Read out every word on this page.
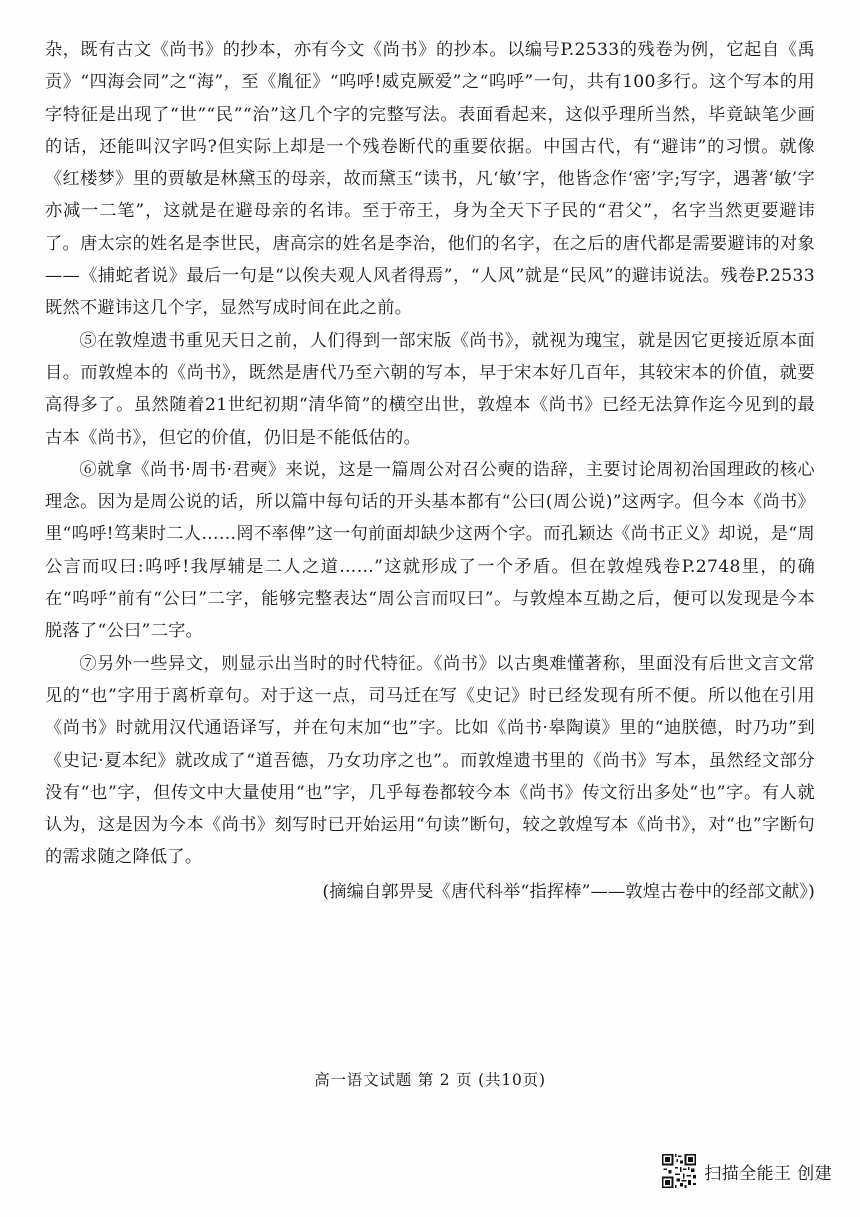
杂，既有古文《尚书》的抄本，亦有今文《尚书》的抄本。以编号P.2533的残卷为例，它起自《禹贡》“四海会同”之“海”，至《胤征》“呜呼!威克厥爱”之“呜呼”一句，共有100多行。这个写本的用字特征是出现了“世”“民”“治”这几个字的完整写法。表面看起来，这似乎理所当然，毕竟缺笔少画的话，还能叫汉字吗?但实际上却是一个残卷断代的重要依据。中国古代，有“避讳”的习惯。就像《红楼梦》里的贾敏是林黛玉的母亲，故而黛玉“读书，凡‘敏’字，他皆念作‘密’字;写字，遇著‘敏’字亦减一二笔”，这就是在避母亲的名讳。至于帝王，身为全天下子民的“君父”，名字当然更要避讳了。唐太宗的姓名是李世民，唐高宗的姓名是李治，他们的名字，在之后的唐代都是需要避讳的对象——《捕蛇者说》最后一句是“以俟夫观人风者得焉”，“人风”就是“民风”的避讳说法。残卷P.2533既然不避讳这几个字，显然写成时间在此之前。

⑤在敦煌遗书重见天日之前，人们得到一部宋版《尚书》，就视为瑰宝，就是因它更接近原本面目。而敦煌本的《尚书》，既然是唐代乃至六朝的写本，早于宋本好几百年，其较宋本的价值，就要高得多了。虽然随着21世纪初期“清华简”的横空出世，敦煌本《尚书》已经无法算作迄今见到的最古本《尚书》，但它的价值，仍旧是不能低估的。

⑥就拿《尚书·周书·君奭》来说，这是一篇周公对召公奭的诰辞，主要讨论周初治国理政的核心理念。因为是周公说的话，所以篇中每句话的开头基本都有“公曰(周公说)”这两字。但今本《尚书》里“呜呼!笃棐时二人……罔不率俾”这一句前面却缺少这两个字。而孔颖达《尚书正义》却说，是“周公言而叹曰:呜呼!我厚辅是二人之道……”这就形成了一个矛盾。但在敦煌残卷P.2748里，的确在“呜呼”前有“公曰”二字，能够完整表达“周公言而叹曰”。与敦煌本互勘之后，便可以发现是今本脱落了“公曰”二字。

⑦另外一些异文，则显示出当时的时代特征。《尚书》以古奥难懂著称，里面没有后世文言文常见的“也”字用于离析章句。对于这一点，司马迁在写《史记》时已经发现有所不便。所以他在引用《尚书》时就用汉代通语译写，并在句末加“也”字。比如《尚书·皋陶谟》里的“迪朕德，时乃功”到《史记·夏本纪》就改成了“道吾德，乃女功序之也”。而敦煌遗书里的《尚书》写本，虽然经文部分没有“也”字，但传文中大量使用“也”字，几乎每卷都较今本《尚书》传文衍出多处“也”字。有人就认为，这是因为今本《尚书》刻写时已开始运用“句读”断句，较之敦煌写本《尚书》，对“也”字断句的需求随之降低了。

(摘编自郭畀旻《唐代科举“指挥棒”——敦煌古卷中的经部文献》)

高一语文试题 第 2 页 (共10页)
扫描全能王 创建
